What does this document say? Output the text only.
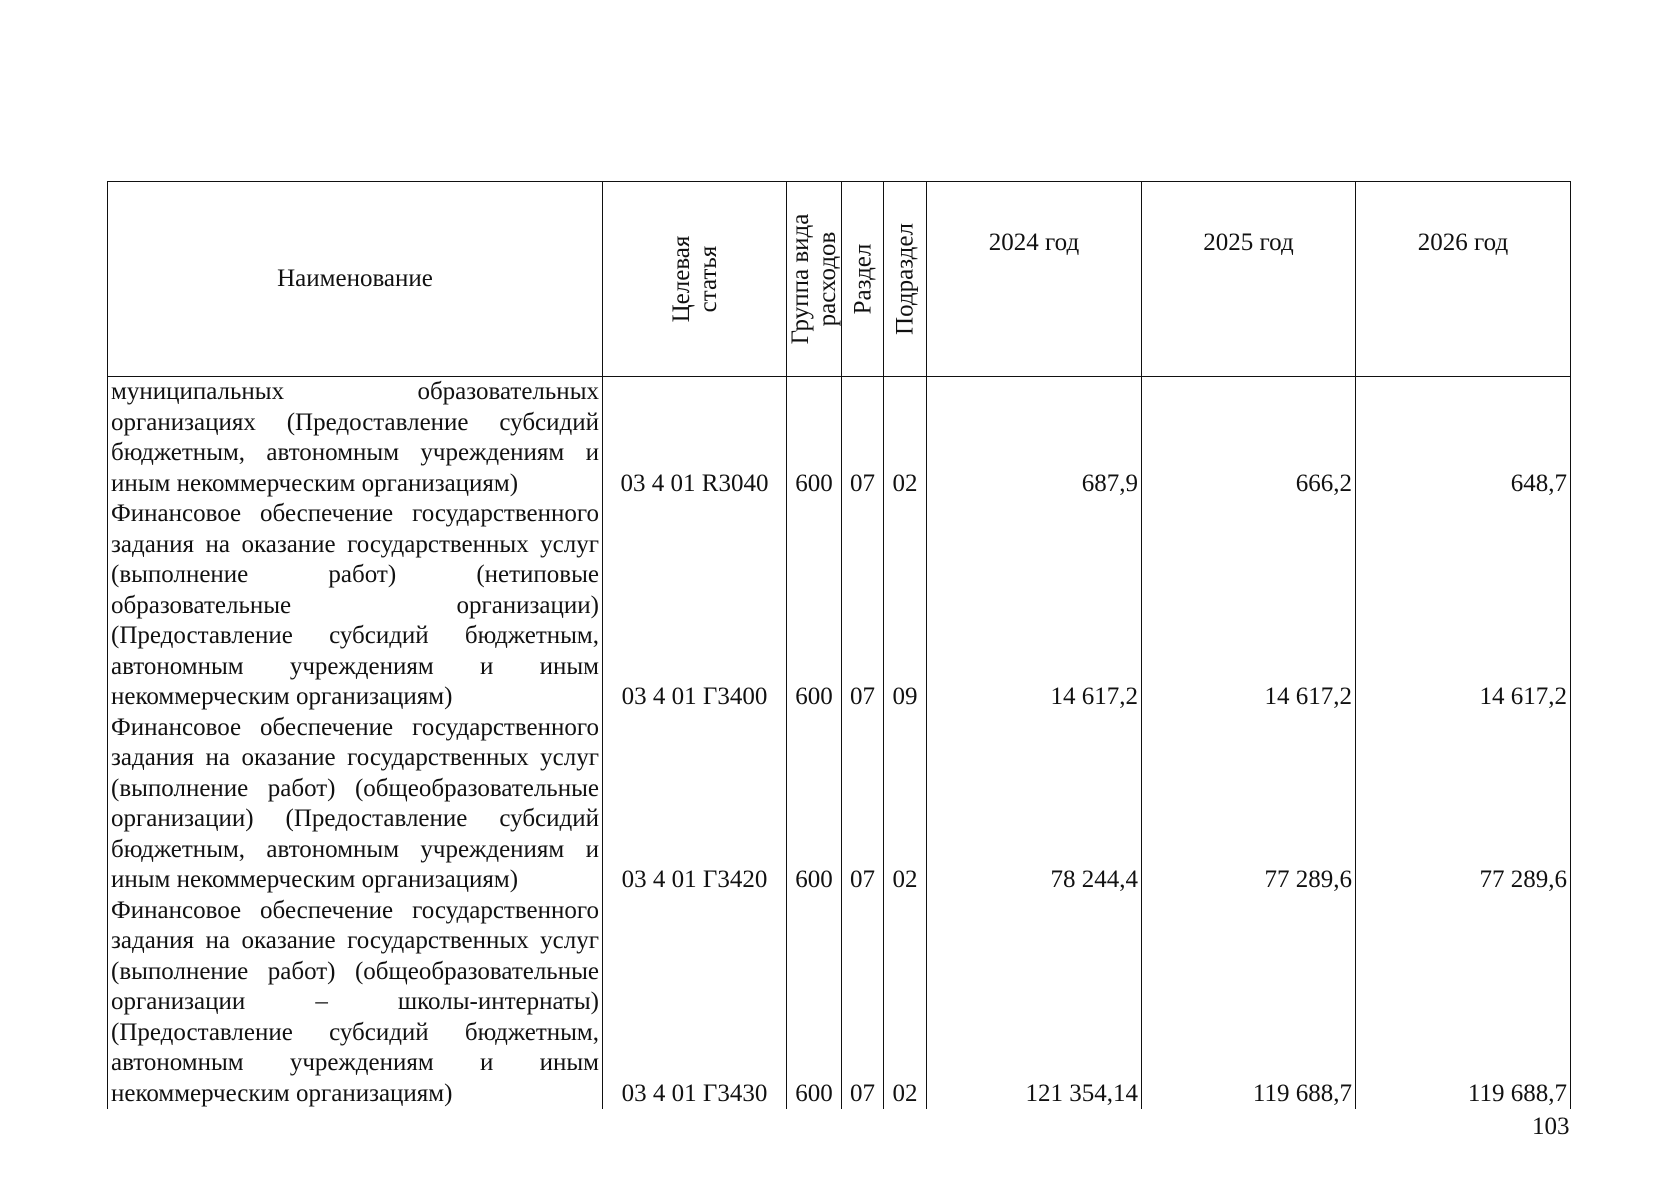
Наименование	Целевая статья	Группа вида расходов	Раздел	Подраздел	2024 год	2025 год	2026 год

муниципальных образовательных организациях (Предоставление субсидий бюджетным, автономным учреждениям и иным некоммерческим организациям)	03 4 01 R3040	600	07	02	687,9	666,2	648,7

Финансовое обеспечение государственного задания на оказание государственных услуг (выполнение работ) (нетиповые образовательные организации) (Предоставление субсидий бюджетным, автономным учреждениям и иным некоммерческим организациям)	03 4 01 Г3400	600	07	09	14 617,2	14 617,2	14 617,2

Финансовое обеспечение государственного задания на оказание государственных услуг (выполнение работ) (общеобразовательные организации) (Предоставление субсидий бюджетным, автономным учреждениям и иным некоммерческим организациям)	03 4 01 Г3420	600	07	02	78 244,4	77 289,6	77 289,6

Финансовое обеспечение государственного задания на оказание государственных услуг (выполнение работ) (общеобразовательные организации – школы-интернаты) (Предоставление субсидий бюджетным, автономным учреждениям и иным некоммерческим организациям)	03 4 01 Г3430	600	07	02	121 354,14	119 688,7	119 688,7
103
